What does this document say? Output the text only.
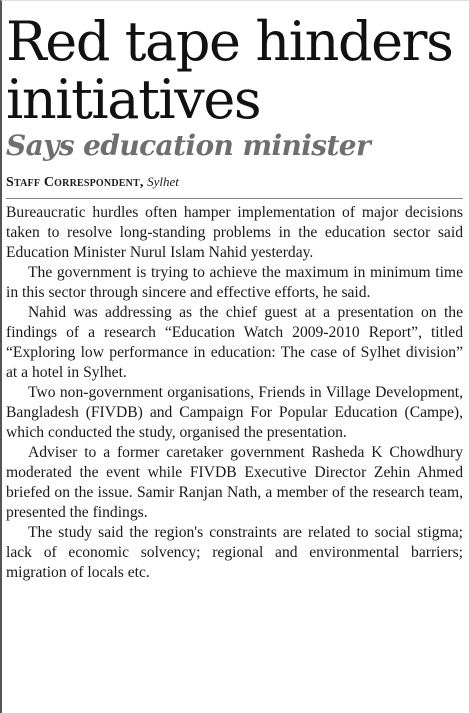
Red tape hinders initiatives
Says education minister
Staff Correspondent, Sylhet

Bureaucratic hurdles often hamper implementation of major decisions taken to resolve long-standing problems in the education sector said Education Minister Nurul Islam Nahid yesterday.

The government is trying to achieve the maximum in minimum time in this sector through sincere and effective efforts, he said.

Nahid was addressing as the chief guest at a presentation on the findings of a research “Education Watch 2009-2010 Report”, titled “Exploring low performance in education: The case of Sylhet division” at a hotel in Sylhet.

Two non-government organisations, Friends in Village Development, Bangladesh (FIVDB) and Campaign For Popular Education (Campe), which conducted the study, organised the presentation.

Adviser to a former caretaker government Rasheda K Chowdhury moderated the event while FIVDB Executive Director Zehin Ahmed briefed on the issue. Samir Ranjan Nath, a member of the research team, presented the findings.

The study said the region's constraints are related to social stigma; lack of economic solvency; regional and environmental barriers; migration of locals etc.
